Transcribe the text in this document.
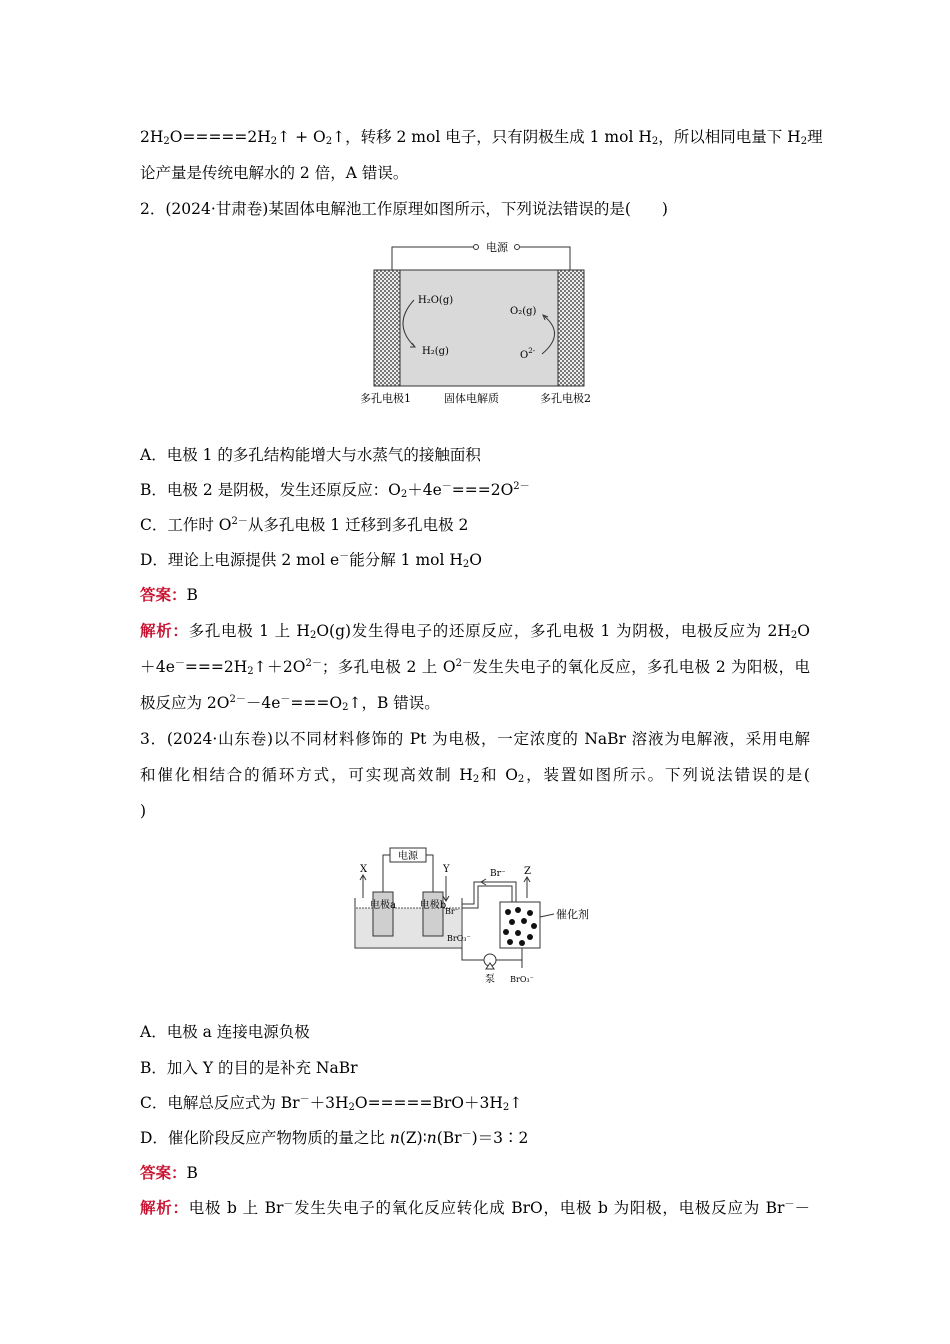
$2H_2O=====2H_2↑$ + $O_2↑$，转移 2 mol 电子，只有阴极生成 1 mol $H_2$，所以相同电量下 $H_2$理
论产量是传统电解水的 2 倍，A 错误。
2．(2024·甘肃卷)某固体电解池工作原理如图所示，下列说法错误的是(　　)
电源
H₂O(g)
H₂(g)
O₂(g)
$O^{2-}$
多孔电极1	固体电解质	多孔电极2
A．电极 1 的多孔结构能增大与水蒸气的接触面积
B．电极 2 是阴极，发生还原反应：$O_2+4e^-===2O^{2-}$
C．工作时 $O^{2-}$从多孔电极 1 迁移到多孔电极 2
D．理论上电源提供 2 mol e－能分解 1 mol $H_2O$
答案：B
解析：多孔电极 1 上 $H_2O(g)$发生得电子的还原反应，多孔电极 1 为阴极，电极反应为 $2H_2O$
$+4e^-===2H_2↑+2O^{2-}$；多孔电极 2 上 $O^{2-}$发生失电子的氧化反应，多孔电极 2 为阳极，电
极反应为 $2O^{2-}-4e^-===O_2↑$，B 错误。
3．(2024·山东卷)以不同材料修饰的 Pt 为电极，一定浓度的 NaBr 溶液为电解液，采用电解
和催化相结合的循环方式，可实现高效制 $H_2$和 $O_2$，装置如图所示。下列说法错误的是(
)
电源
X	Y	Z
Br⁻
电极a 电极b
Br⁻
BrO₃⁻
催化剂
泵 BrO₃⁻
A．电极 a 连接电源负极
B．加入 Y 的目的是补充 NaBr
C．电解总反应式为 $Br^-+3H_2O=====BrO+3H_2↑$
D．催化阶段反应产物物质的量之比 n(Z)∶n(Br－)＝3∶2
答案：B
解析：电极 b 上 Br－发生失电子的氧化反应转化成 BrO，电极 b 为阳极，电极反应为 Br－－
